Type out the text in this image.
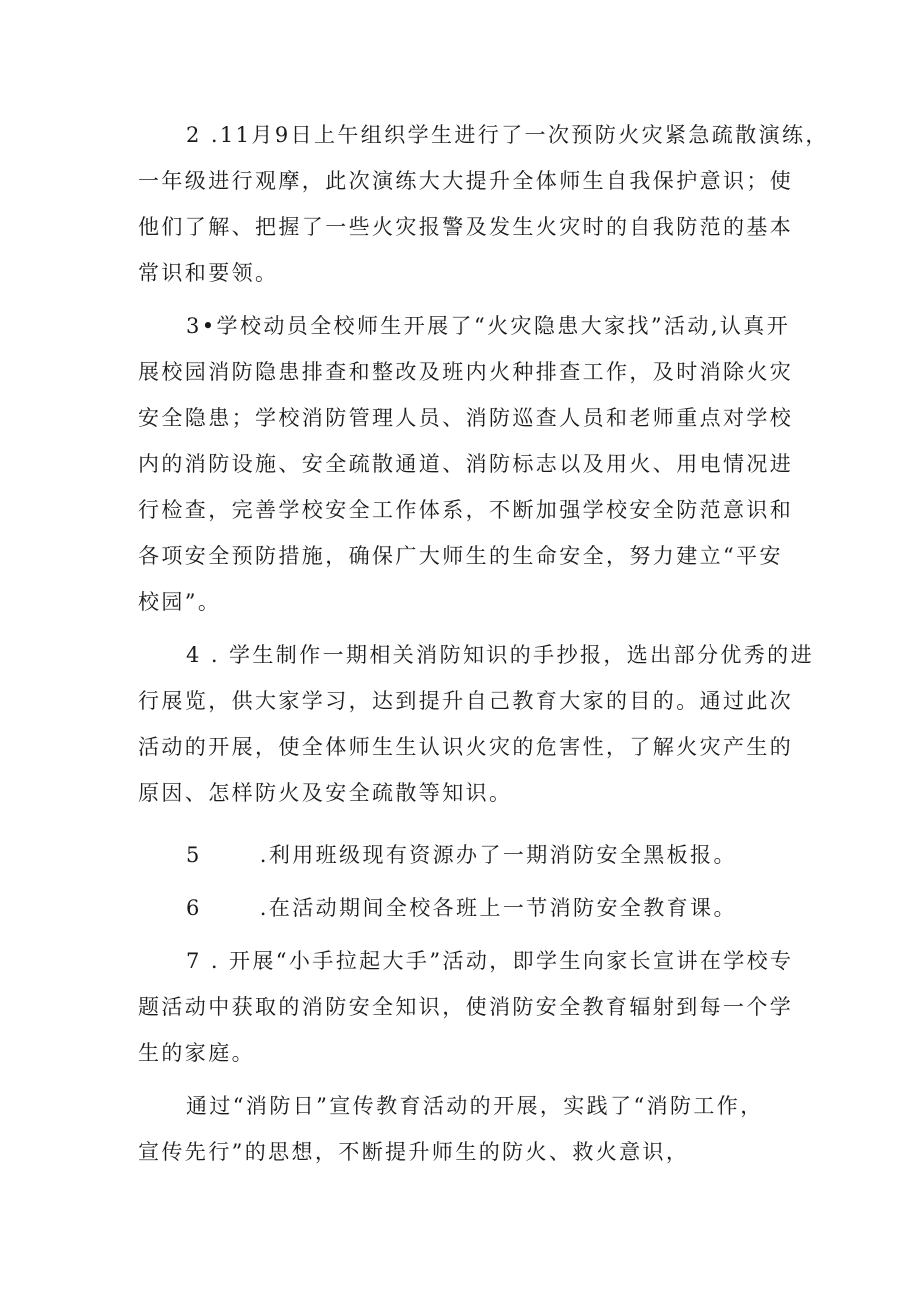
2 .11月9日上午组织学生进行了一次预防火灾紧急疏散演练，
一年级进行观摩，此次演练大大提升全体师生自我保护意识；使
他们了解、把握了一些火灾报警及发生火灾时的自我防范的基本
常识和要领。
3•学校动员全校师生开展了“火灾隐患大家找”活动,认真开
展校园消防隐患排查和整改及班内火种排查工作，及时消除火灾
安全隐患；学校消防管理人员、消防巡查人员和老师重点对学校
内的消防设施、安全疏散通道、消防标志以及用火、用电情况进
行检查，完善学校安全工作体系，不断加强学校安全防范意识和
各项安全预防措施，确保广大师生的生命安全，努力建立“平安
校园”。
4 . 学生制作一期相关消防知识的手抄报，选出部分优秀的进
行展览，供大家学习，达到提升自己教育大家的目的。通过此次
活动的开展，使全体师生生认识火灾的危害性，了解火灾产生的
原因、怎样防火及安全疏散等知识。
5	.利用班级现有资源办了一期消防安全黑板报。
6	.在活动期间全校各班上一节消防安全教育课。
7 . 开展“小手拉起大手”活动，即学生向家长宣讲在学校专
题活动中获取的消防安全知识，使消防安全教育辐射到每一个学
生的家庭。
通过“消防日”宣传教育活动的开展，实践了“消防工作，
宣传先行”的思想，不断提升师生的防火、救火意识，
